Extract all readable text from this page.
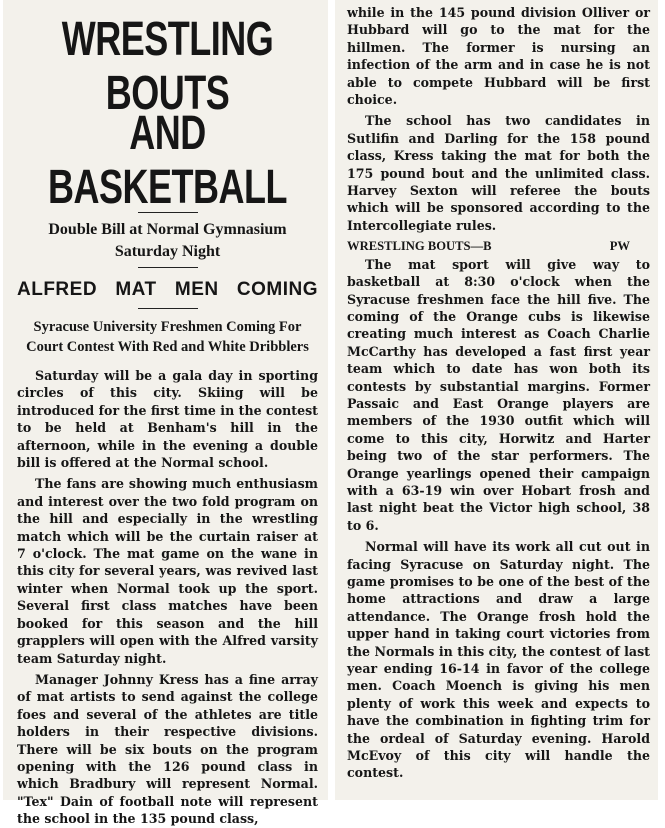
WRESTLING BOUTS
AND BASKETBALL
Double Bill at Normal Gymnasium Saturday Night
ALFRED MAT MEN COMING
Syracuse University Freshmen Coming For Court Contest With Red and White Dribblers

Saturday will be a gala day in sporting circles of this city. Skiing will be introduced for the first time in the contest to be held at Benham's hill in the afternoon, while in the evening a double bill is offered at the Normal school.

The fans are showing much enthusiasm and interest over the two fold program on the hill and especially in the wrestling match which will be the curtain raiser at 7 o'clock. The mat game on the wane in this city for several years, was revived last winter when Normal took up the sport. Several first class matches have been booked for this season and the hill grapplers will open with the Alfred varsity team Saturday night.

Manager Johnny Kress has a fine array of mat artists to send against the college foes and several of the athletes are title holders in their respective divisions. There will be six bouts on the program opening with the 126 pound class in which Bradbury will represent Normal. "Tex" Dain of football note will represent the school in the 135 pound class,

while in the 145 pound division Olliver or Hubbard will go to the mat for the hillmen. The former is nursing an infection of the arm and in case he is not able to compete Hubbard will be first choice.

The school has two candidates in Sutlifin and Darling for the 158 pound class, Kress taking the mat for both the 175 pound bout and the unlimited class. Harvey Sexton will referee the bouts which will be sponsored according to the Intercollegiate rules.

WRESTLING BOUTS—B	PW

The mat sport will give way to basketball at 8:30 o'clock when the Syracuse freshmen face the hill five. The coming of the Orange cubs is likewise creating much interest as Coach Charlie McCarthy has developed a fast first year team which to date has won both its contests by substantial margins. Former Passaic and East Orange players are members of the 1930 outfit which will come to this city, Horwitz and Harter being two of the star performers. The Orange yearlings opened their campaign with a 63-19 win over Hobart frosh and last night beat the Victor high school, 38 to 6.

Normal will have its work all cut out in facing Syracuse on Saturday night. The game promises to be one of the best of the home attractions and draw a large attendance. The Orange frosh hold the upper hand in taking court victories from the Normals in this city, the contest of last year ending 16-14 in favor of the college men. Coach Moench is giving his men plenty of work this week and expects to have the combination in fighting trim for the ordeal of Saturday evening. Harold McEvoy of this city will handle the contest.
